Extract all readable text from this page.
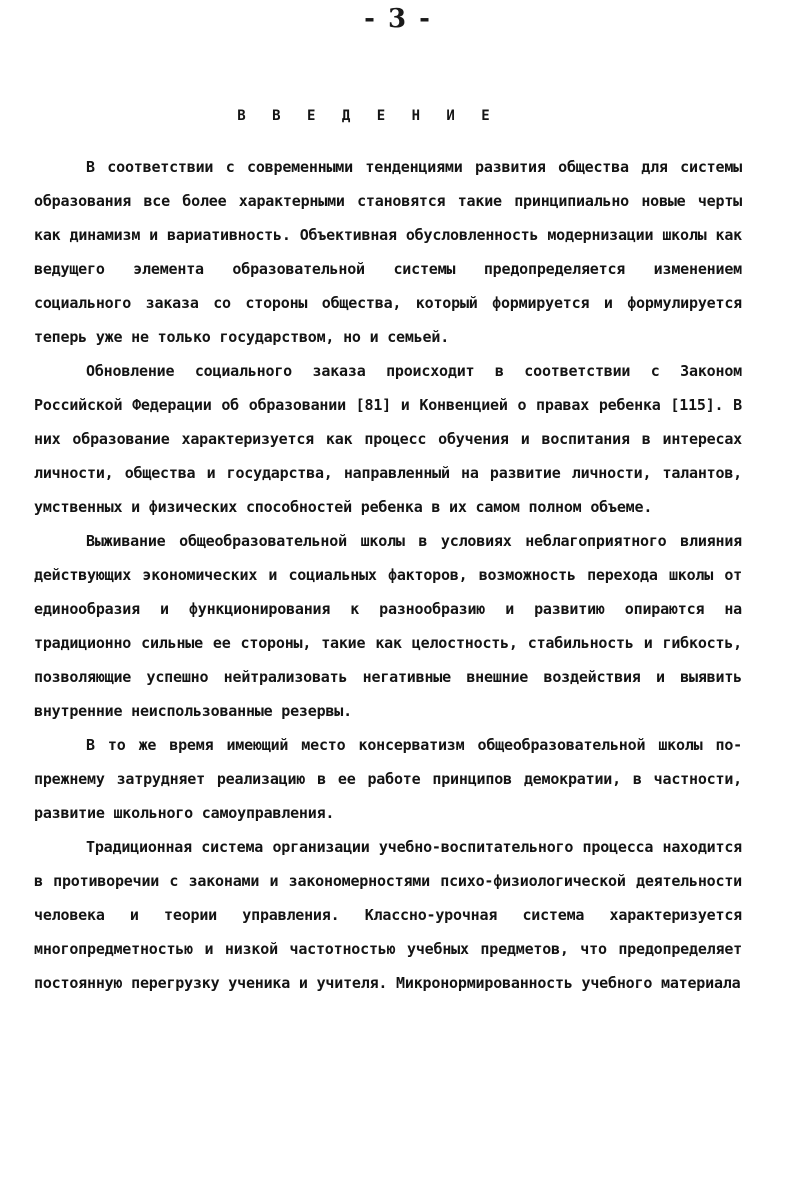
- 3 -
В В Е Д Е Н И Е

В соответствии с современными тенденциями развития общества для системы образования все более характерными становятся такие принципиально новые черты как динамизм и вариативность. Объективная обусловленность модернизации школы как ведущего элемента образовательной системы предопределяется изменением социального заказа со стороны общества, который формируется и формулируется теперь уже не только государством, но и семьей.

Обновление социального заказа происходит в соответствии с Законом Российской Федерации об образовании [81] и Конвенцией о правах ребенка [115]. В них образование характеризуется как процесс обучения и воспитания в интересах личности, общества и государства, направленный на развитие личности, талантов, умственных и физических способностей ребенка в их самом полном объеме.

Выживание общеобразовательной школы в условиях неблагоприятного влияния действующих экономических и социальных факторов, возможность перехода школы от единообразия и функционирования к разнообразию и развитию опираются на традиционно сильные ее стороны, такие как целостность, стабильность и гибкость, позволяющие успешно нейтрализовать негативные внешние воздействия и выявить внутренние неиспользованные резервы.

В то же время имеющий место консерватизм общеобразовательной школы по-прежнему затрудняет реализацию в ее работе принципов демократии, в частности, развитие школьного самоуправления.

Традиционная система организации учебно-воспитательного процесса находится в противоречии с законами и закономерностями психо-физиологической деятельности человека и теории управления. Классно-урочная система характеризуется многопредметностью и низкой частотностью учебных предметов, что предопределяет постоянную перегрузку ученика и учителя. Микронормированность учебного материала
